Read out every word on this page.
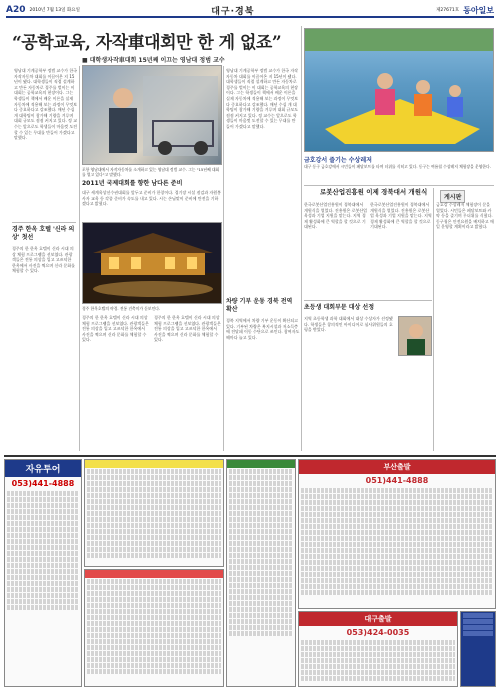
A20 2010년 7월 13일 화요일	대구·경북	제27671호 동아일보
“공학교육, 자작車대회만 한 게 없죠”
■ 대학생자작車대회 15년째 이끄는 영남대 정범 교수
영남대 기계공학부 정범 교수가 한국 자작자동차 대회를 이끌어온 지 15년이 됐다. 대학생들이 직접 설계하고 만든 자동차로 경주를 벌이는 이 대회는 공학교육의 현장이다. 그는 학생들이 책에서 배운 이론을 실제 자동차에 적용해 보는 과정이 무엇보다 중요하다고 강조했다. 매년 수십 개 대학팀이 참가해 기량을 겨루며 대회 규모도 점점 커지고 있다. 정 교수는 앞으로도 학생들이 마음껏 도전할 수 있는 무대를 만들어 가겠다고 말했다.
포항 영남대에서 자작자동차를 소개하고 있는 영남대 정범 교수. 그는 "15년째 대회를 열고 있다"고 말했다.
영남대 기계공학부 정범 교수가 한국 자작자동차 대회를 이끌어온 지 15년이 됐다. 대학생들이 직접 설계하고 만든 자동차로 경주를 벌이는 이 대회는 공학교육의 현장이다. 그는 학생들이 책에서 배운 이론을 실제 자동차에 적용해 보는 과정이 무엇보다 중요하다고 강조했다. 매년 수십 개 대학팀이 참가해 기량을 겨루며 대회 규모도 점점 커지고 있다. 정 교수는 앞으로도 학생들이 마음껏 도전할 수 있는 무대를 만들어 가겠다고 말했다.
2011년 국제대회를 향한 남다른 준비
대구 세계육상선수권대회를 앞두고 준비가 한창이다. 경기장 시설 점검과 자원봉사자 교육 등 각종 준비가 속도를 내고 있다. 시는 손님맞이 준비에 만전을 기하겠다고 밝혔다.
경주 한옥 호텔 '신라 의상' 첫선
경주의 한 한옥 호텔이 신라 시대 의상 체험 프로그램을 선보였다. 관광객들은 전통 의상을 입고 고즈넉한 한옥에서 사진을 찍으며 신라 문화를 체험할 수 있다.
경주 한옥호텔의 야경. 전통 건축미가 돋보인다.
경주의 한 한옥 호텔이 신라 시대 의상 체험 프로그램을 선보였다. 관광객들은 전통 의상을 입고 고즈넉한 한옥에서 사진을 찍으며 신라 문화를 체험할 수 있다.
경주의 한 한옥 호텔이 신라 시대 의상 체험 프로그램을 선보였다. 관광객들은 전통 의상을 입고 고즈넉한 한옥에서 사진을 찍으며 신라 문화를 체험할 수 있다.
금호강서 즐기는 수상레저
대구 동구 금호강에서 시민들이 페달보트를 타며 더위를 식히고 있다. 동구는 여름철 수상레저 체험장을 운영한다.
로봇산업진흥원 이제 경북대서 개원식
한국로봇산업진흥원이 경북대에서 개원식을 열었다. 진흥원은 로봇산업 육성과 기업 지원을 맡는다. 지역 경제 활성화에 큰 역할을 할 것으로 기대된다.
한국로봇산업진흥원이 경북대에서 개원식을 열었다. 진흥원은 로봇산업 육성과 기업 지원을 맡는다. 지역 경제 활성화에 큰 역할을 할 것으로 기대된다.
게시판
금호강 수상레저 체험장이 문을 열었다. 시민들은 페달보트와 카약 등을 즐기며 무더위를 식혔다. 동구청은 안전요원을 배치하고 매일 운영할 계획이라고 밝혔다.
차량 기부 운동 경북 전역 확산
경북 지역에서 차량 기부 운동이 확산되고 있다. 기부된 차량은 복지시설과 저소득층에 전달돼 이동 수단으로 쓰인다. 참여자도 해마다 늘고 있다.
초등생 대회부문 대상 선정
지역 초등학생 과학 대회에서 대상 수상자가 선정됐다. 학생들은 창의적인 아이디어로 심사위원들의 호평을 받았다.
자유투어
053)441-4888

부산출발
051)441-4888
대구출발
053)424-0035
